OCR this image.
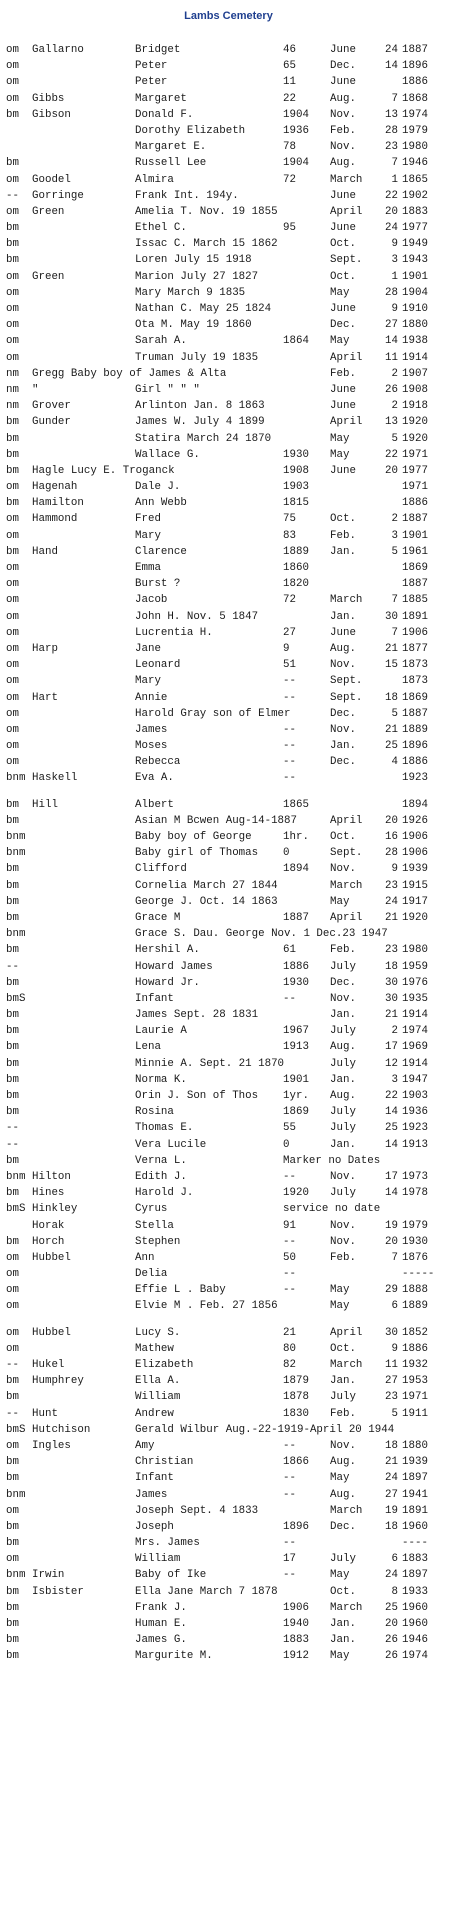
Lambs Cemetery
om Gallarno	Bridget	46	June	24 1887
om	Peter	65	Dec.	14 1896
om	Peter	11	June	1886
om Gibbs	Margaret	22	Aug.	7 1868
bm Gibson	Donald F.	1904 Nov.	13 1974
Dorothy Elizabeth	1936 Feb.	28 1979
Margaret E.	78	Nov.	23 1980
bm	Russell Lee	1904 Aug.	7 1946
om Goodel	Almira	72	March	1 1865
-- Gorringe	Frank Int. 194y.	June	22 1902
om Green	Amelia T. Nov. 19 1855	April	20 1883
bm	Ethel C.	95	June	24 1977
bm	Issac C. March 15 1862	Oct.	9 1949
bm	Loren July 15 1918	Sept.	3 1943
om Green	Marion July 27 1827	Oct.	1 1901
om	Mary March 9 1835	May	28 1904
om	Nathan C. May 25 1824	June	9 1910
om	Ota M. May 19 1860	Dec.	27 1880
om	Sarah A.	1864 May	14 1938
om	Truman July 19 1835	April	11 1914
nm Gregg Baby boy of James & Alta	Feb.	2 1907
nm "	Girl " " "	June	26 1908
nm Grover	Arlinton Jan. 8 1863	June	2 1918
bm Gunder	James W. July 4 1899	April	13 1920
bm	Statira March 24 1870	May	5 1920
bm	Wallace G.	1930 May	22 1971
bm Hagle Lucy E. Troganck	1908 June	20 1977
om Hagenah	Dale J.	1903	1971
bm Hamilton	Ann Webb	1815	1886
om Hammond	Fred	75	Oct.	2 1887
om	Mary	83	Feb.	3 1901
bm Hand	Clarence	1889 Jan.	5 1961
om	Emma	1860	1869
om	Burst ?	1820	1887
om	Jacob	72	March	7 1885
om	John H. Nov. 5 1847	Jan.	30 1891
om	Lucrentia H.	27	June	7 1906
om Harp	Jane	9	Aug.	21 1877
om	Leonard	51	Nov.	15 1873
om	Mary	--	Sept.	1873
om Hart	Annie	--	Sept.	18 1869
om	Harold Gray son of Elmer	Dec.	5 1887
om	James	--	Nov.	21 1889
om	Moses	--	Jan.	25 1896
om	Rebecca	--	Dec.	4 1886
bnm Haskell	Eva A.	--	1923
bm Hill	Albert	1865	1894
bm	Asian M Bcwen Aug-14-1887	April	20 1926
bnm	Baby boy of George	1hr. Oct.	16 1906
bnm	Baby girl of Thomas 0	Sept.	28 1906
bm	Clifford	1894 Nov.	9 1939
bm	Cornelia March 27 1844	March	23 1915
bm	George J. Oct. 14 1863	May	24 1917
bm	Grace M	1887 April	21 1920
bnm	Grace S. Dau. George Nov. 1 Dec.23 1947
bm	Hershil A.	61	Feb.	23 1980
--	Howard James	1886 July	18 1959
bm	Howard Jr.	1930 Dec.	30 1976
bmS	Infant	--	Nov.	30 1935
bm	James Sept. 28 1831	Jan.	21 1914
bm	Laurie A	1967 July	2 1974
bm	Lena	1913 Aug.	17 1969
bm	Minnie A. Sept. 21 1870	July	12 1914
bm	Norma K.	1901 Jan.	3 1947
bm	Orin J. Son of Thos 1yr. Aug.	22 1903
bm	Rosina	1869 July	14 1936
--	Thomas E.	55	July	25 1923
--	Vera Lucile	0	Jan.	14 1913
bm	Verna L.	Marker no Dates
bnm Hilton	Edith J.	--	Nov.	17 1973
bm Hines	Harold J.	1920 July	14 1978
bmS Hinkley	Cyrus	service no date
Horak	Stella	91	Nov.	19 1979
bm Horch	Stephen	--	Nov.	20 1930
om Hubbel	Ann	50	Feb.	7 1876
om	Delia	--	-----
om	Effie L . Baby	--	May	29 1888
om	Elvie M . Feb. 27 1856	May	6 1889
om Hubbel	Lucy S.	21	April	30 1852
om	Mathew	80	Oct.	9 1886
-- Hukel	Elizabeth	82	March	11 1932
bm Humphrey	Ella A.	1879 Jan.	27 1953
bm	William	1878 July	23 1971
-- Hunt	Andrew	1830 Feb.	5 1911
bmS Hutchison	Gerald Wilbur Aug.-22-1919-April 20 1944
om Ingles	Amy	--	Nov.	18 1880
bm	Christian	1866 Aug.	21 1939
bm	Infant	--	May	24 1897
bnm	James	--	Aug.	27 1941
om	Joseph Sept. 4 1833	March	19 1891
bm	Joseph	1896 Dec.	18 1960
bm	Mrs. James	--	----
om	William	17	July	6 1883
bnm Irwin	Baby of Ike	--	May	24 1897
bm Isbister	Ella Jane March 7 1878	Oct.	8 1933
bm	Frank J.	1906 March	25 1960
bm	Human E.	1940 Jan.	20 1960
bm	James G.	1883 Jan.	26 1946
bm	Margurite M.	1912 May	26 1974
